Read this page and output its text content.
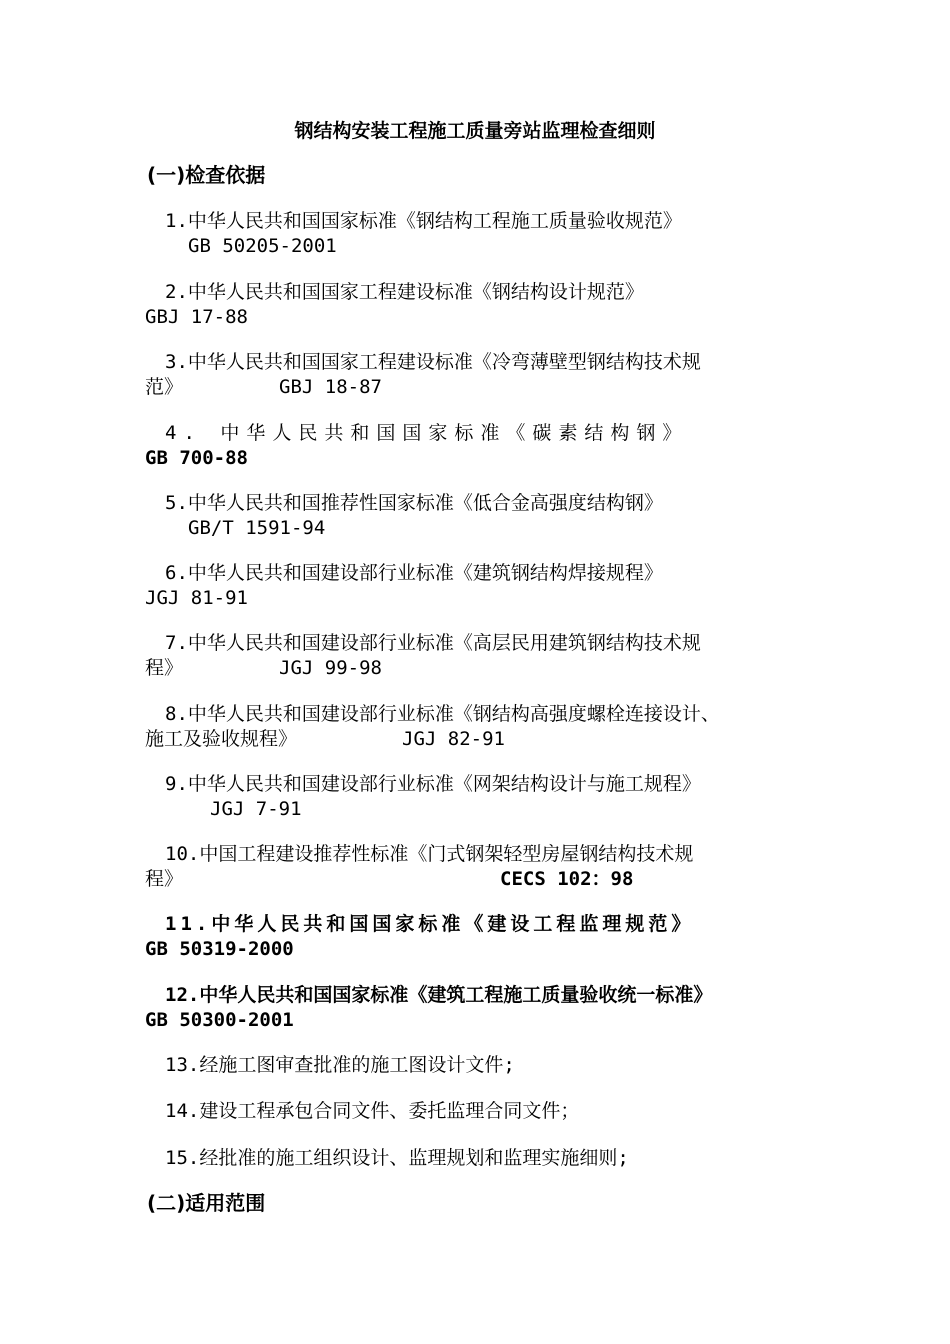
钢结构安装工程施工质量旁站监理检查细则
(一)检查依据
1.中华人民共和国国家标准《钢结构工程施工质量验收规范》
GB 50205-2001
2.中华人民共和国国家工程建设标准《钢结构设计规范》
GBJ 17-88
3.中华人民共和国国家工程建设标准《冷弯薄壁型钢结构技术规
范》	GBJ 18-87
4. 中华人民共和国国家标准《碳素结构钢》
GB 700-88
5.中华人民共和国推荐性国家标准《低合金高强度结构钢》
GB/T 1591-94
6.中华人民共和国建设部行业标准《建筑钢结构焊接规程》
JGJ 81-91
7.中华人民共和国建设部行业标准《高层民用建筑钢结构技术规
程》	JGJ 99-98
8.中华人民共和国建设部行业标准《钢结构高强度螺栓连接设计、
施工及验收规程》	JGJ 82-91
9.中华人民共和国建设部行业标准《网架结构设计与施工规程》
JGJ 7-91
10.中国工程建设推荐性标准《门式钢架轻型房屋钢结构技术规
程》	CECS 102：98
11.中华人民共和国国家标准《建设工程监理规范》
GB 50319-2000
12.中华人民共和国国家标准《建筑工程施工质量验收统一标准》
GB 50300-2001
13.经施工图审查批准的施工图设计文件;
14.建设工程承包合同文件、委托监理合同文件；
15.经批准的施工组织设计、监理规划和监理实施细则;
(二)适用范围
